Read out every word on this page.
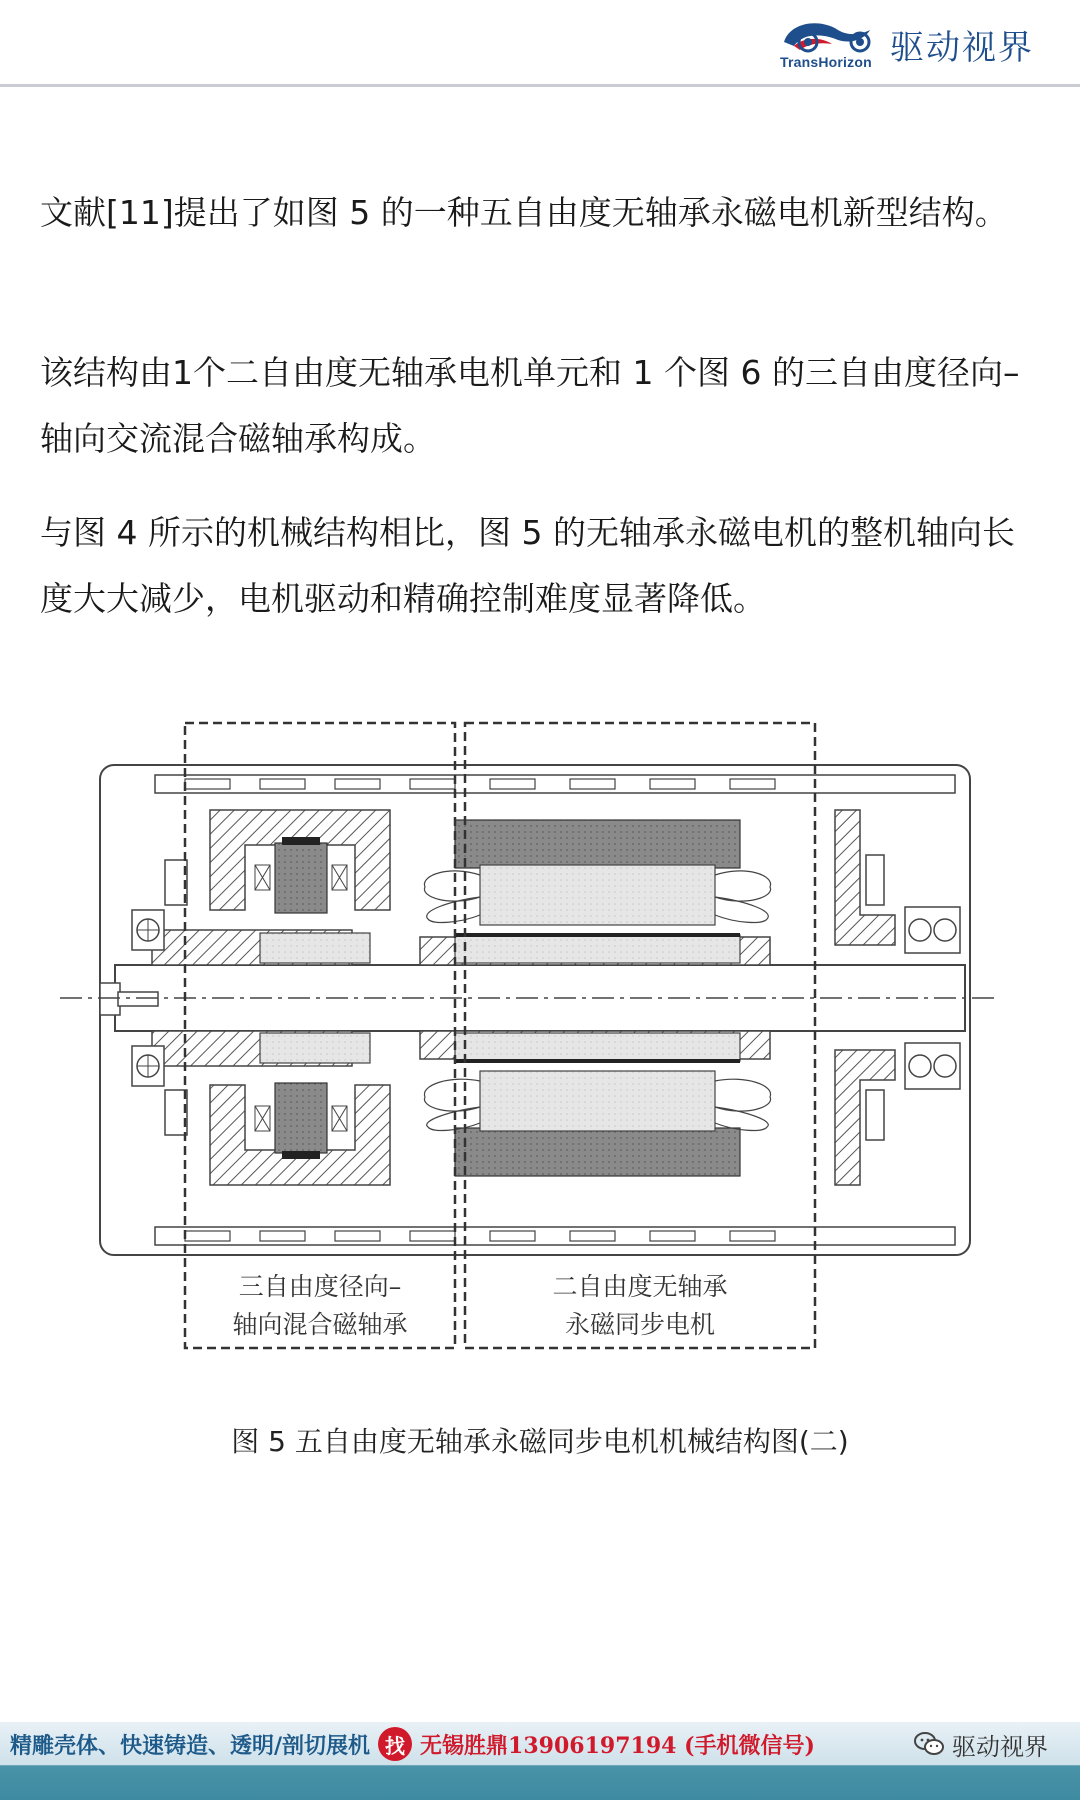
TransHorizon 驱动视界

文献[11]提出了如图 5 的一种五自由度无轴承永磁电机新型结构。

该结构由1个二自由度无轴承电机单元和 1 个图 6 的三自由度径向–轴向交流混合磁轴承构成。

与图 4 所示的机械结构相比，图 5 的无轴承永磁电机的整机轴向长度大大减少，电机驱动和精确控制难度显著降低。

三自由度径向–
轴向混合磁轴承
二自由度无轴承
永磁同步电机
图 5 五自由度无轴承永磁同步电机机械结构图(二)
精雕壳体、快速铸造、透明/剖切展机 找 无锡胜鼎13906197194 (手机微信号)	驱动视界
